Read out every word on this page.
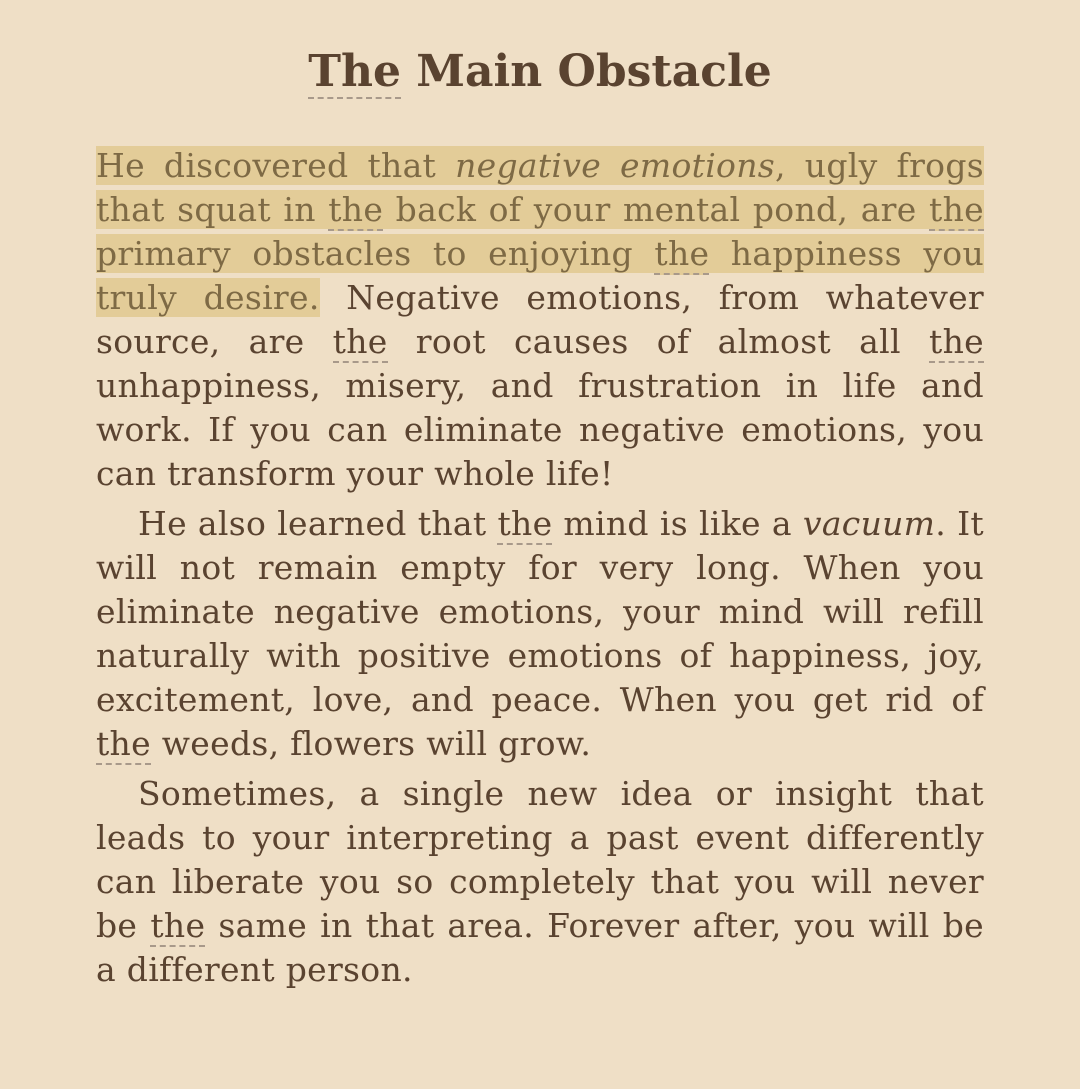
The Main Obstacle

He discovered that negative emotions, ugly frogs that squat in the back of your mental pond, are the primary obstacles to enjoying the happiness you truly desire. Negative emotions, from whatever source, are the root causes of almost all the unhappiness, misery, and frustration in life and work. If you can eliminate negative emotions, you can transform your whole life!

He also learned that the mind is like a vacuum. It will not remain empty for very long. When you eliminate negative emotions, your mind will refill naturally with positive emotions of happiness, joy, excitement, love, and peace. When you get rid of the weeds, flowers will grow.

Sometimes, a single new idea or insight that leads to your interpreting a past event differently can liberate you so completely that you will never be the same in that area. Forever after, you will be a different person.
